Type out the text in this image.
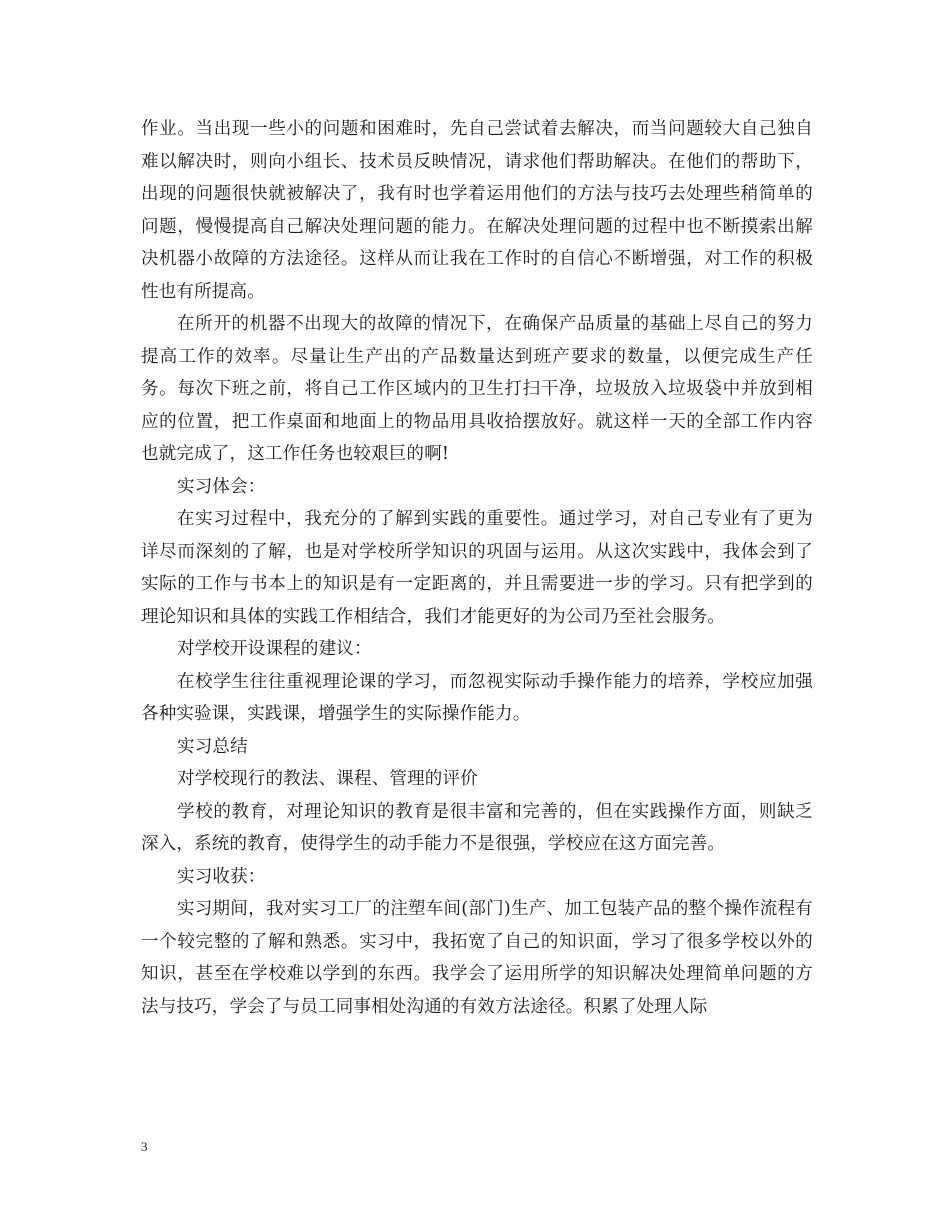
作业。当出现一些小的问题和困难时，先自己尝试着去解决，而当问题较大自己独自难以解决时，则向小组长、技术员反映情况，请求他们帮助解决。在他们的帮助下，出现的问题很快就被解决了，我有时也学着运用他们的方法与技巧去处理些稍简单的问题，慢慢提高自己解决处理问题的能力。在解决处理问题的过程中也不断摸索出解决机器小故障的方法途径。这样从而让我在工作时的自信心不断增强，对工作的积极性也有所提高。

在所开的机器不出现大的故障的情况下，在确保产品质量的基础上尽自己的努力提高工作的效率。尽量让生产出的产品数量达到班产要求的数量，以便完成生产任务。每次下班之前，将自己工作区域内的卫生打扫干净，垃圾放入垃圾袋中并放到相应的位置，把工作桌面和地面上的物品用具收拾摆放好。就这样一天的全部工作内容也就完成了，这工作任务也较艰巨的啊!

实习体会：

在实习过程中，我充分的了解到实践的重要性。通过学习，对自己专业有了更为详尽而深刻的了解，也是对学校所学知识的巩固与运用。从这次实践中，我体会到了实际的工作与书本上的知识是有一定距离的，并且需要进一步的学习。只有把学到的理论知识和具体的实践工作相结合，我们才能更好的为公司乃至社会服务。

对学校开设课程的建议：

在校学生往往重视理论课的学习，而忽视实际动手操作能力的培养，学校应加强各种实验课，实践课，增强学生的实际操作能力。

实习总结

对学校现行的教法、课程、管理的评价

学校的教育，对理论知识的教育是很丰富和完善的，但在实践操作方面，则缺乏深入，系统的教育，使得学生的动手能力不是很强，学校应在这方面完善。

实习收获：

实习期间，我对实习工厂的注塑车间(部门)生产、加工包装产品的整个操作流程有一个较完整的了解和熟悉。实习中，我拓宽了自己的知识面，学习了很多学校以外的知识，甚至在学校难以学到的东西。我学会了运用所学的知识解决处理简单问题的方法与技巧，学会了与员工同事相处沟通的有效方法途径。积累了处理人际

3
